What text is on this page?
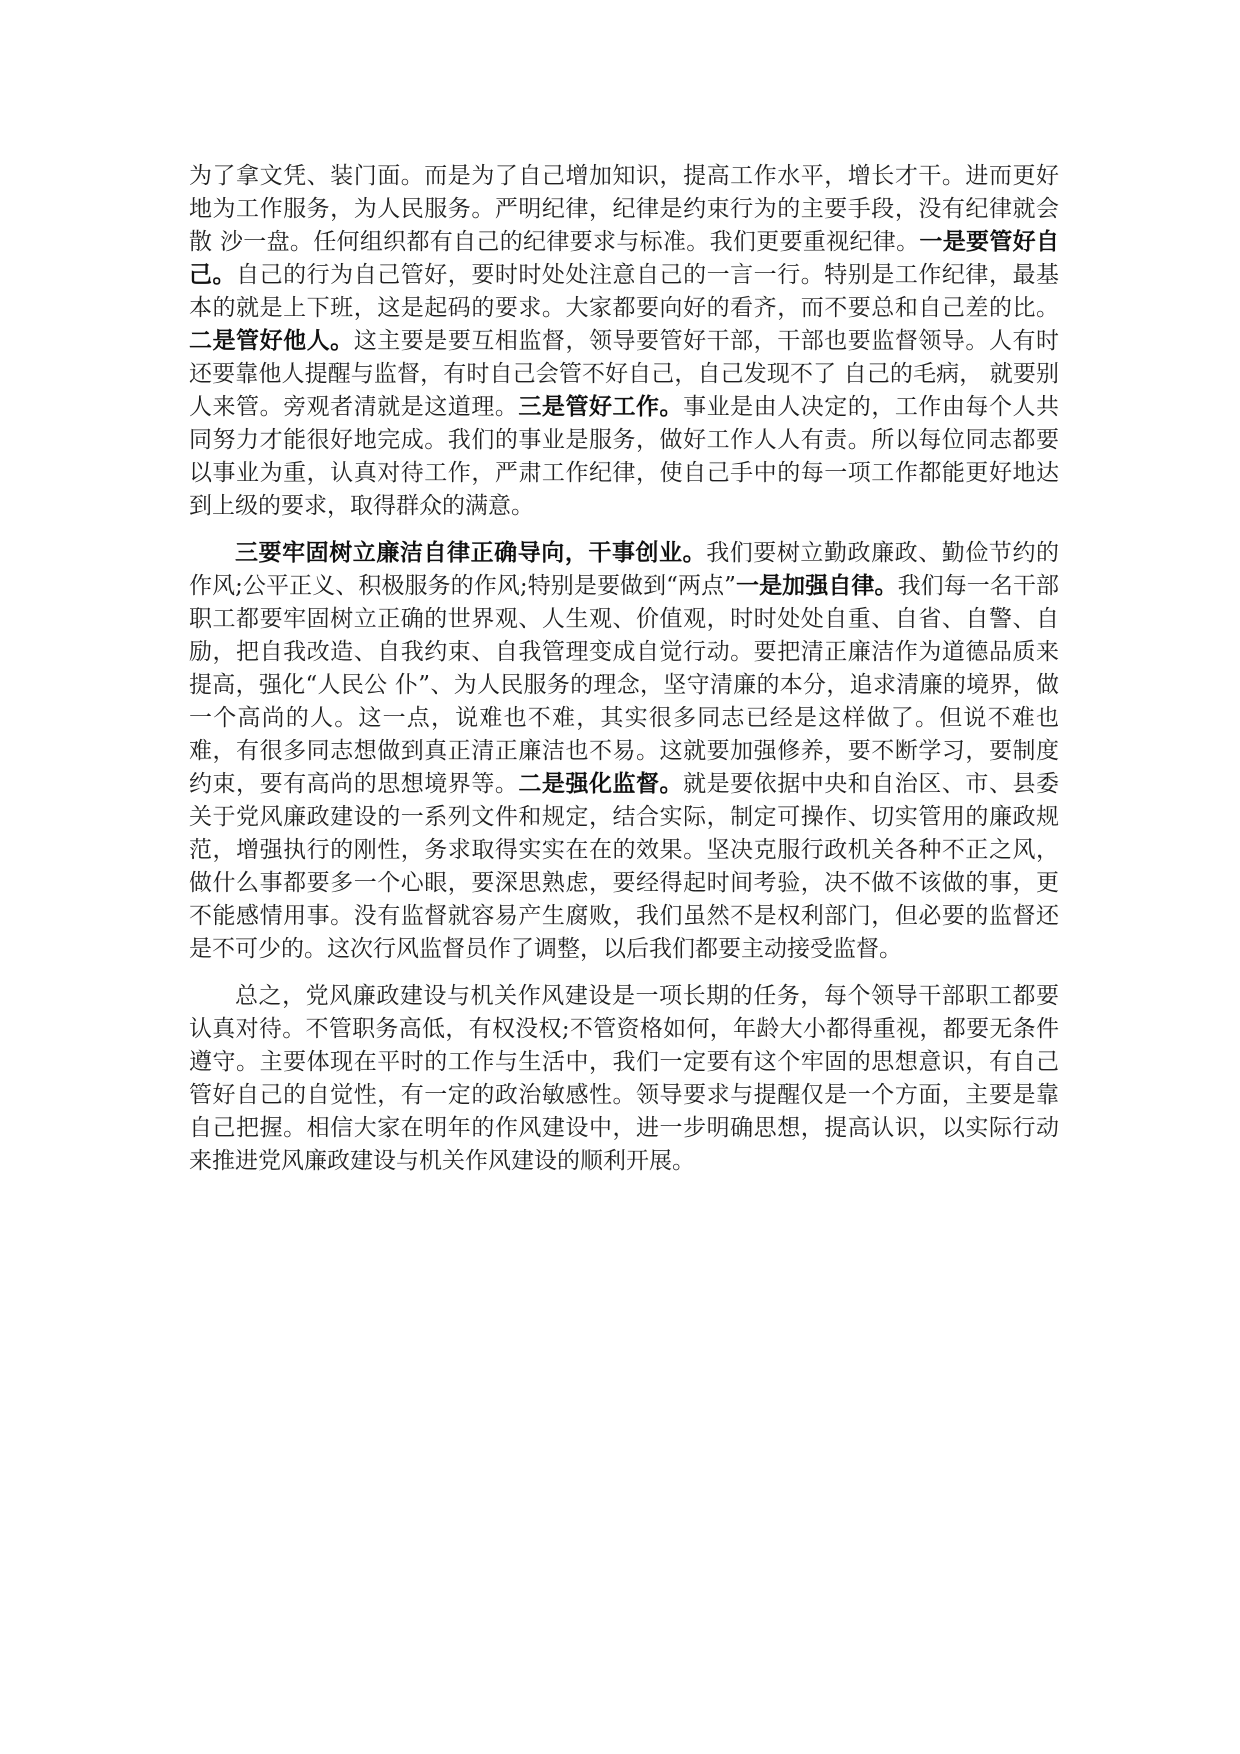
为了拿文凭、装门面。而是为了自己增加知识，提高工作水平，增长才干。进而更好地为工作服务，为人民服务。严明纪律，纪律是约束行为的主要手段，没有纪律就会散 沙一盘。任何组织都有自己的纪律要求与标准。我们更要重视纪律。一是要管好自己。自己的行为自己管好，要时时处处注意自己的一言一行。特别是工作纪律，最基本的就是上下班，这是起码的要求。大家都要向好的看齐，而不要总和自己差的比。二是管好他人。这主要是要互相监督，领导要管好干部，干部也要监督领导。人有时还要靠他人提醒与监督，有时自己会管不好自己，自己发现不了 自己的毛病， 就要别人来管。旁观者清就是这道理。三是管好工作。事业是由人决定的，工作由每个人共同努力才能很好地完成。我们的事业是服务，做好工作人人有责。所以每位同志都要以事业为重，认真对待工作，严肃工作纪律，使自己手中的每一项工作都能更好地达到上级的要求，取得群众的满意。

三要牢固树立廉洁自律正确导向，干事创业。我们要树立勤政廉政、勤俭节约的作风;公平正义、积极服务的作风;特别是要做到“两点”一是加强自律。我们每一名干部职工都要牢固树立正确的世界观、人生观、价值观，时时处处自重、自省、自警、自励，把自我改造、自我约束、自我管理变成自觉行动。要把清正廉洁作为道德品质来提高，强化“人民公 仆”、为人民服务的理念，坚守清廉的本分，追求清廉的境界，做一个高尚的人。这一点，说难也不难，其实很多同志已经是这样做了。但说不难也难，有很多同志想做到真正清正廉洁也不易。这就要加强修养，要不断学习，要制度约束，要有高尚的思想境界等。二是强化监督。就是要依据中央和自治区、市、县委关于党风廉政建设的一系列文件和规定，结合实际，制定可操作、切实管用的廉政规范，增强执行的刚性，务求取得实实在在的效果。坚决克服行政机关各种不正之风，做什么事都要多一个心眼，要深思熟虑，要经得起时间考验，决不做不该做的事，更不能感情用事。没有监督就容易产生腐败，我们虽然不是权利部门，但必要的监督还是不可少的。这次行风监督员作了调整，以后我们都要主动接受监督。

总之，党风廉政建设与机关作风建设是一项长期的任务，每个领导干部职工都要认真对待。不管职务高低，有权没权;不管资格如何，年龄大小都得重视，都要无条件遵守。主要体现在平时的工作与生活中，我们一定要有这个牢固的思想意识，有自己管好自己的自觉性，有一定的政治敏感性。领导要求与提醒仅是一个方面，主要是靠自己把握。相信大家在明年的作风建设中，进一步明确思想，提高认识，以实际行动来推进党风廉政建设与机关作风建设的顺利开展。
